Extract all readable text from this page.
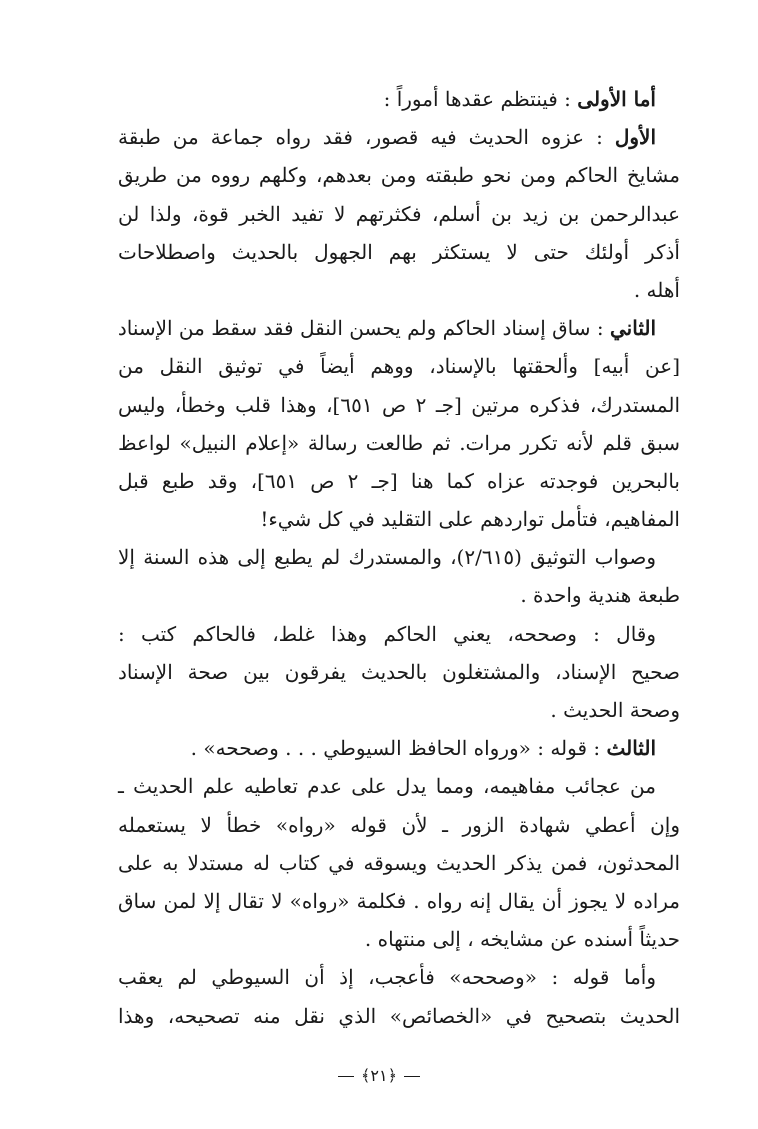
أما الأولى : فينتظم عقدها أموراً :
الأول : عزوه الحديث فيه قصور، فقد رواه جماعة من طبقة
مشايخ الحاكم ومن نحو طبقته ومن بعدهم، وكلهم رووه من طريق
عبدالرحمن بن زيد بن أسلم، فكثرتهم لا تفيد الخبر قوة، ولذا لن
أذكر أولئك حتى لا يستكثر بهم الجهول بالحديث واصطلاحات
أهله .
الثاني : ساق إسناد الحاكم ولم يحسن النقل فقد سقط من الإسناد
[عن أبيه] وألحقتها بالإسناد، ووهم أيضاً في توثيق النقل من
المستدرك، فذكره مرتين [جـ ٢ ص ٦٥١]، وهذا قلب وخطأ، وليس
سبق قلم لأنه تكرر مرات. ثم طالعت رسالة «إعلام النبيل» لواعظ
بالبحرين فوجدته عزاه كما هنا [جـ ٢ ص ٦٥١]، وقد طبع قبل
المفاهيم، فتأمل تواردهم على التقليد في كل شيء!
وصواب التوثيق (٢/٦١٥)، والمستدرك لم يطبع إلى هذه السنة إلا
طبعة هندية واحدة .
وقال : وصححه، يعني الحاكم وهذا غلط، فالحاكم كتب :
صحيح الإسناد، والمشتغلون بالحديث يفرقون بين صحة الإسناد
وصحة الحديث .
الثالث : قوله : «ورواه الحافظ السيوطي . . . وصححه» .
من عجائب مفاهيمه، ومما يدل على عدم تعاطيه علم الحديث ـ
وإن أعطي شهادة الزور ـ لأن قوله «رواه» خطأ لا يستعمله
المحدثون، فمن يذكر الحديث ويسوقه في كتاب له مستدلا به على
مراده لا يجوز أن يقال إنه رواه . فكلمة «رواه» لا تقال إلا لمن ساق
حديثاً أسنده عن مشايخه ، إلى منتهاه .
وأما قوله : «وصححه» فأعجب، إذ أن السيوطي لم يعقب
الحديث بتصحيح في «الخصائص» الذي نقل منه تصحيحه، وهذا
﴿٢١﴾
